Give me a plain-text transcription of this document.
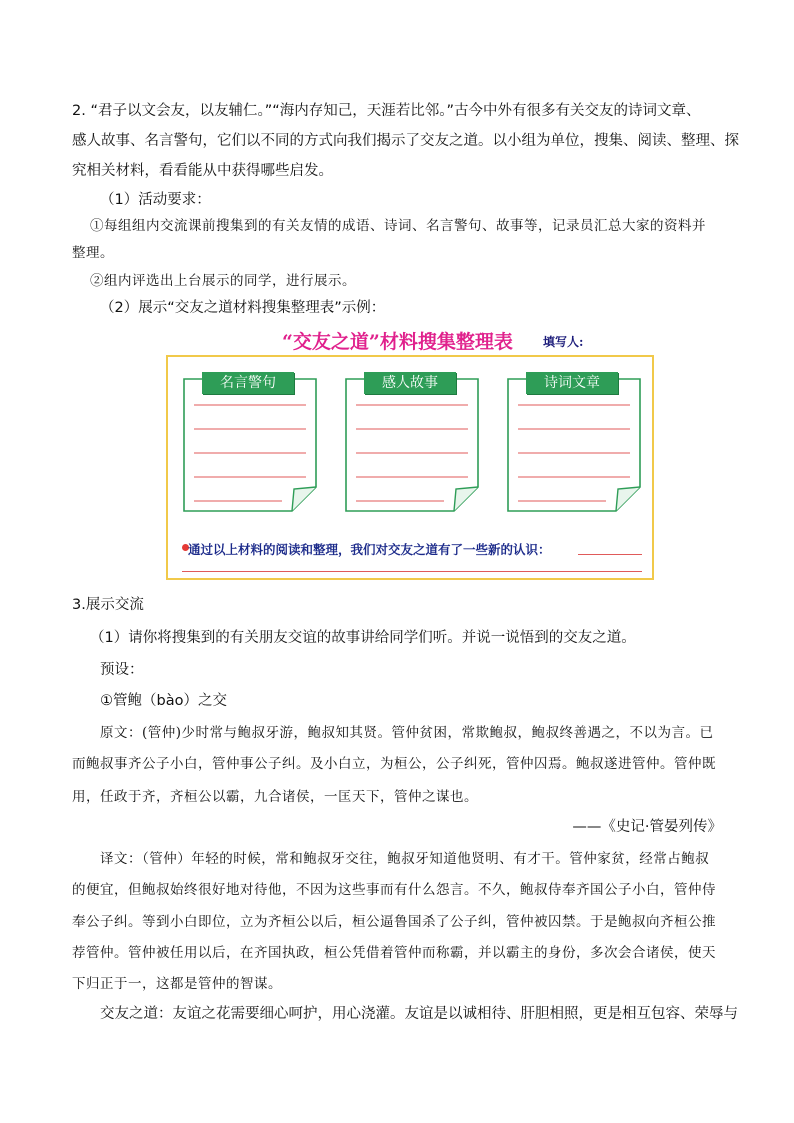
2. “君子以文会友，以友辅仁。”“海内存知己，天涯若比邻。”古今中外有很多有关交友的诗词文章、
感人故事、名言警句，它们以不同的方式向我们揭示了交友之道。以小组为单位，搜集、阅读、整理、探
究相关材料，看看能从中获得哪些启发。
（1）活动要求：
①每组组内交流课前搜集到的有关友情的成语、诗词、名言警句、故事等，记录员汇总大家的资料并
整理。
②组内评选出上台展示的同学，进行展示。
（2）展示“交友之道材料搜集整理表”示例：
“交友之道”材料搜集整理表	填写人:
名言警句	感人故事	诗词文章
通过以上材料的阅读和整理，我们对交友之道有了一些新的认识：
3.展示交流
（1）请你将搜集到的有关朋友交谊的故事讲给同学们听。并说一说悟到的交友之道。
预设：
①管鲍（bào）之交
原文：(管仲)少时常与鲍叔牙游，鲍叔知其贤。管仲贫困，常欺鲍叔，鲍叔终善遇之，不以为言。已
而鲍叔事齐公子小白，管仲事公子纠。及小白立，为桓公，公子纠死，管仲囚焉。鲍叔遂进管仲。管仲既
用，任政于齐，齐桓公以霸，九合诸侯，一匡天下，管仲之谋也。
——《史记·管晏列传》
译文：（管仲）年轻的时候，常和鲍叔牙交往，鲍叔牙知道他贤明、有才干。管仲家贫，经常占鲍叔
的便宜，但鲍叔始终很好地对待他，不因为这些事而有什么怨言。不久，鲍叔侍奉齐国公子小白，管仲侍
奉公子纠。等到小白即位，立为齐桓公以后，桓公逼鲁国杀了公子纠，管仲被囚禁。于是鲍叔向齐桓公推
荐管仲。管仲被任用以后，在齐国执政，桓公凭借着管仲而称霸，并以霸主的身份，多次会合诸侯，使天
下归正于一，这都是管仲的智谋。
交友之道：友谊之花需要细心呵护，用心浇灌。友谊是以诚相待、肝胆相照，更是相互包容、荣辱与
